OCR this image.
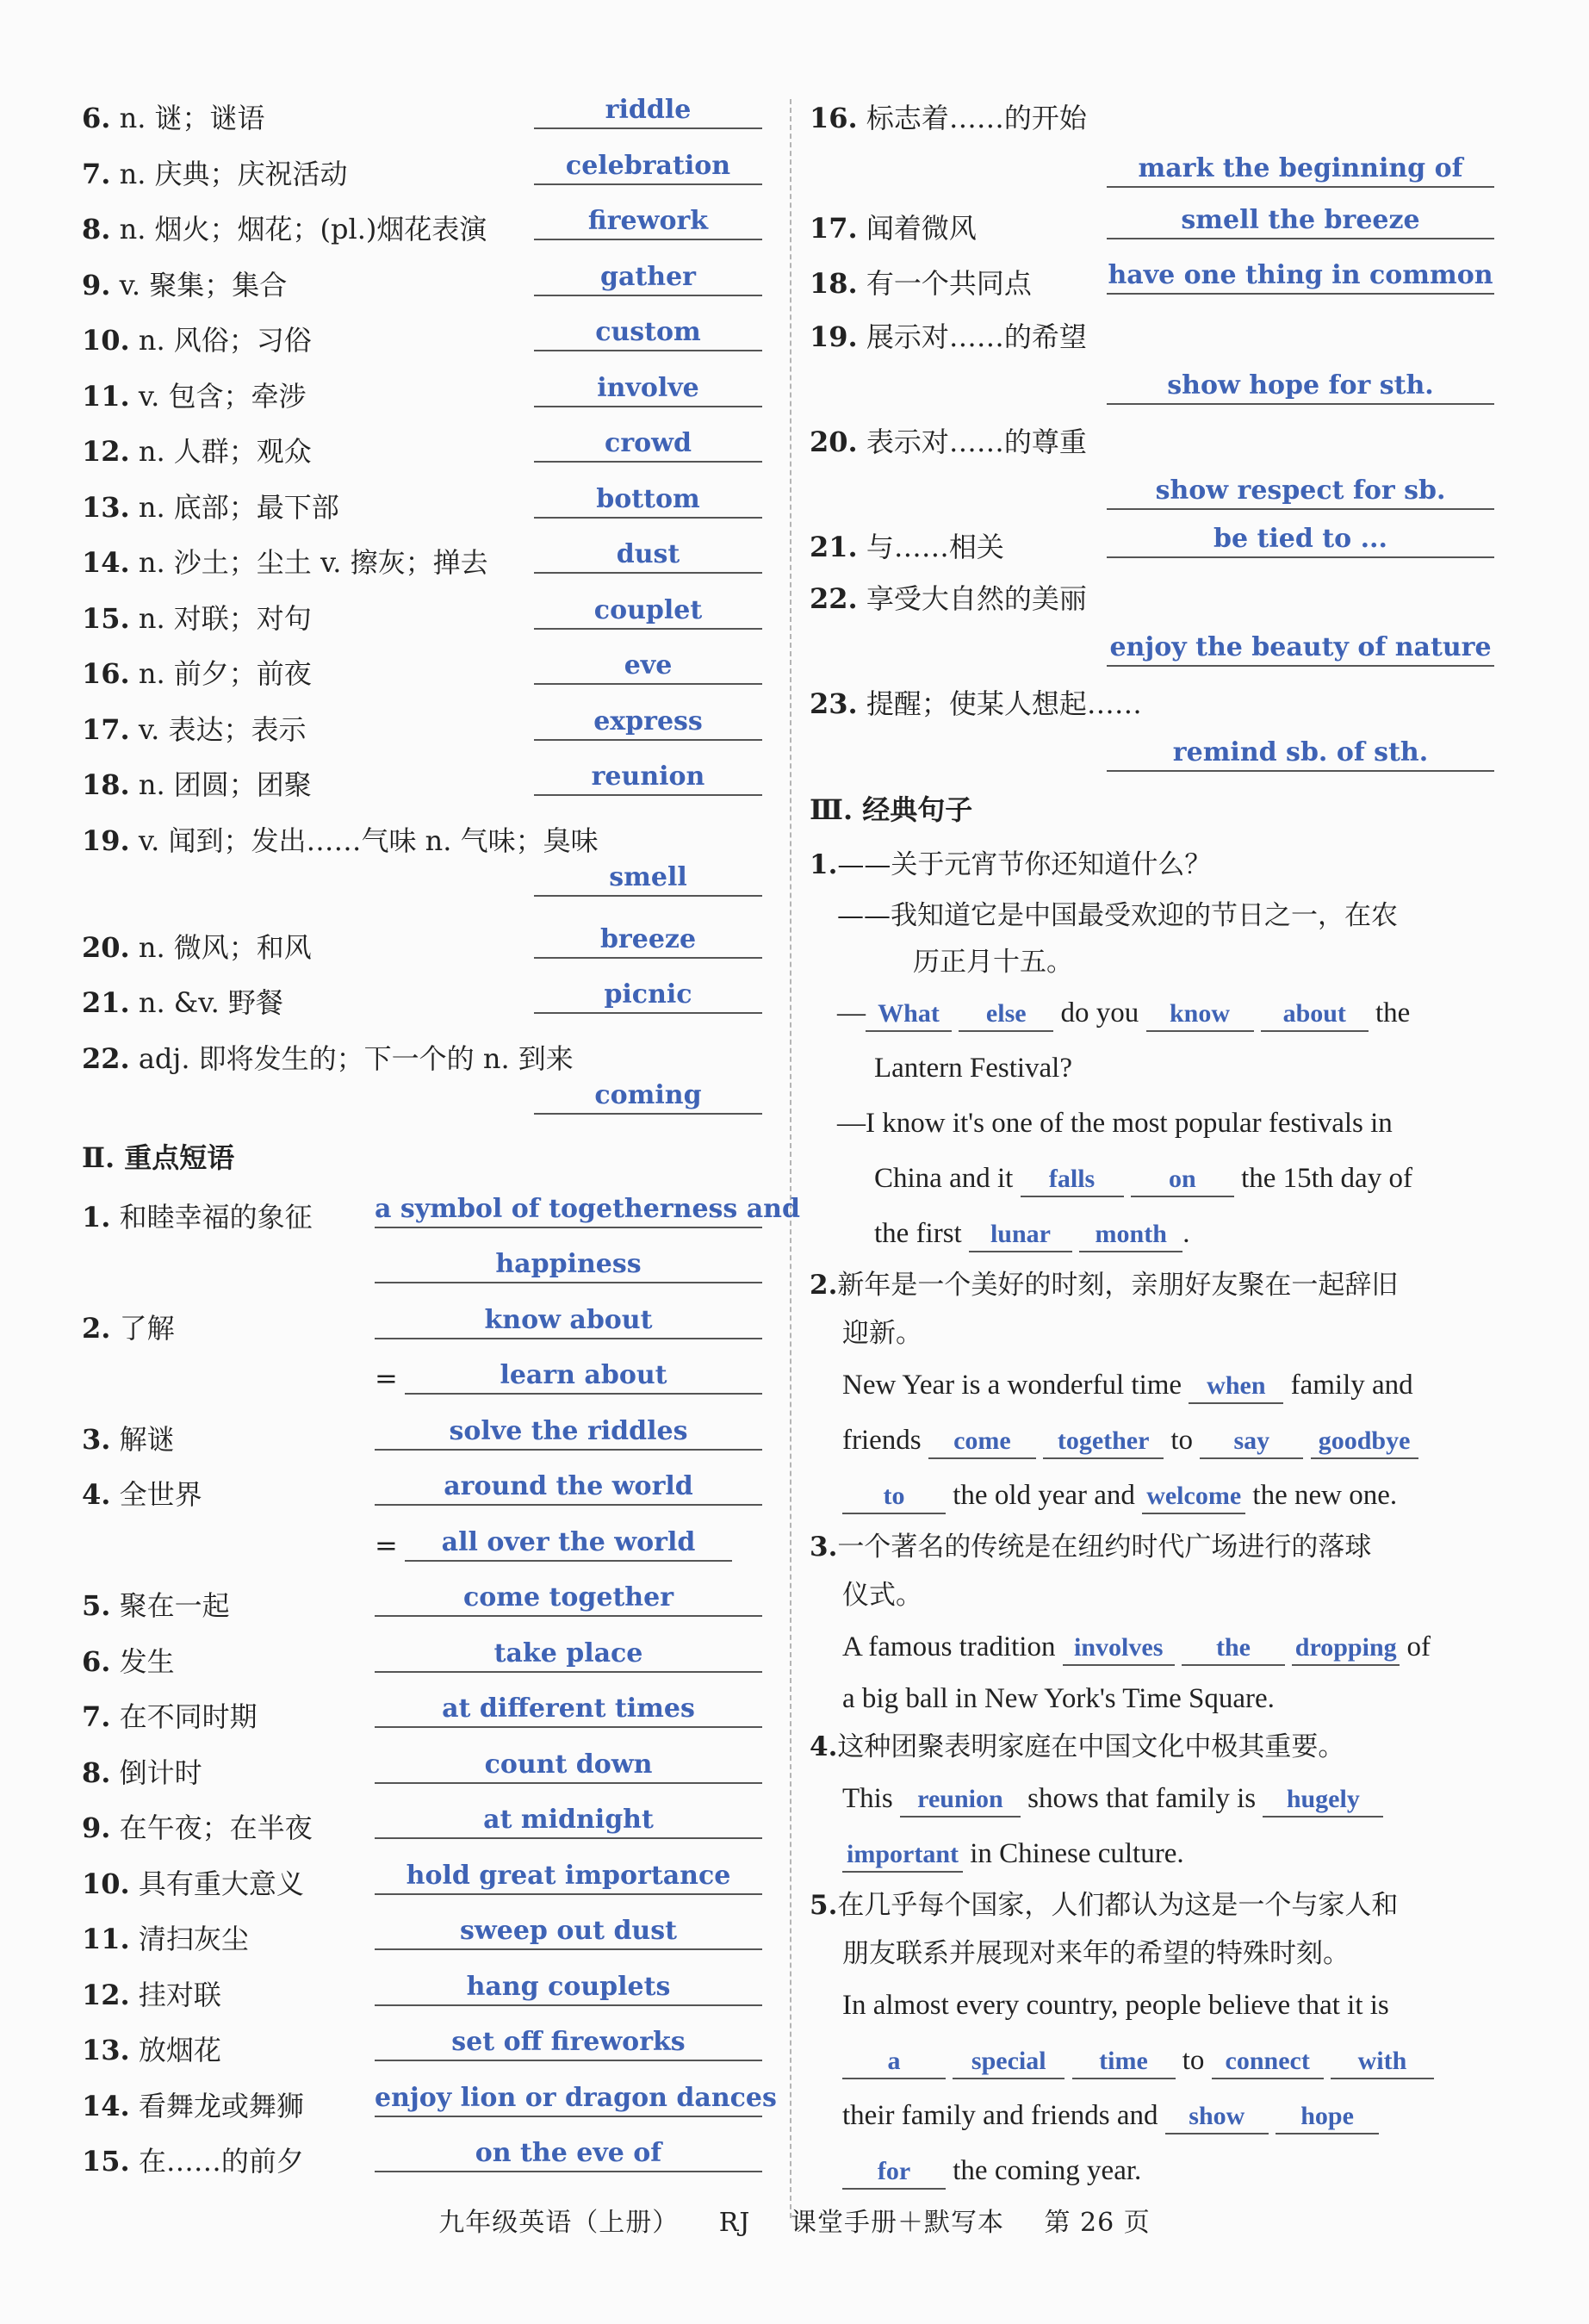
6. n. 谜；谜语	riddle
7. n. 庆典；庆祝活动	celebration
8. n. 烟火；烟花；(pl.)烟花表演	firework
9. v. 聚集；集合	gather
10. n. 风俗；习俗	custom
11. v. 包含；牵涉	involve
12. n. 人群；观众	crowd
13. n. 底部；最下部	bottom
14. n. 沙土；尘土 v. 擦灰；掸去	dust
15. n. 对联；对句	couplet
16. n. 前夕；前夜	eve
17. v. 表达；表示	express
18. n. 团圆；团聚	reunion
19. v. 闻到；发出……气味 n. 气味；臭味
smell
20. n. 微风；和风	breeze
21. n. &v. 野餐	picnic
22. adj. 即将发生的；下一个的 n. 到来
coming
Ⅱ. 重点短语
1. 和睦幸福的象征 a symbol of togetherness and
happiness
2. 了解	know about
=	learn about
3. 解谜	solve the riddles
4. 全世界	around the world
=	all over the world
5. 聚在一起	come together
6. 发生	take place
7. 在不同时期	at different times
8. 倒计时	count down
9. 在午夜；在半夜	at midnight
10. 具有重大意义	hold great importance
11. 清扫灰尘	sweep out dust
12. 挂对联	hang couplets
13. 放烟花	set off fireworks
14. 看舞龙或舞狮	enjoy lion or dragon dances
15. 在……的前夕	on the eve of
16. 标志着……的开始
mark the beginning of
17. 闻着微风	smell the breeze
18. 有一个共同点	have one thing in common
19. 展示对……的希望
show hope for sth.
20. 表示对……的尊重
show respect for sb.
21. 与……相关	be tied to ...
22. 享受大自然的美丽
enjoy the beauty of nature
23. 提醒；使某人想起……
remind sb. of sth.
Ⅲ. 经典句子
1.——关于元宵节你还知道什么？
——我知道它是中国最受欢迎的节日之一，在农
历正月十五。
— What else do you know about the
Lantern Festival?
—I know it's one of the most popular festivals in
China and it falls	on the 15th day of
the first lunar month .
2.新年是一个美好的时刻，亲朋好友聚在一起辞旧
迎新。
New Year is a wonderful time when family and
friends come together to say goodbye
to the old year and welcome the new one.
3.一个著名的传统是在纽约时代广场进行的落球
仪式。
A famous tradition involves the dropping of
a big ball in New York's Time Square.
4.这种团聚表明家庭在中国文化中极其重要。
This reunion shows that family is hugely
important in Chinese culture.
5.在几乎每个国家，人们都认为这是一个与家人和
朋友联系并展现对来年的希望的特殊时刻。
In almost every country, people believe that it is
a	special time to connect with
their family and friends and show hope
for the coming year.
九年级英语（上册） RJ 课堂手册＋默写本 第 26 页
